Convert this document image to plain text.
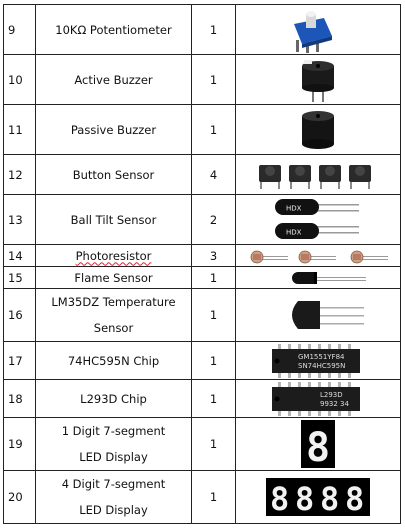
9	10KΩ Potentiometer	1	

10	Active Buzzer	1	

11	Passive Buzzer	1	

12	Button Sensor	4	

13	Ball Tilt Sensor	2	HDX
HDX

14	Photoresistor	3	

15	Flame Sensor	1	

16	LM35DZ Temperature
Sensor	1	

17	74HC595N Chip	1	GM1551YF84
SN74HC595N

18	L293D Chip	1	L293D
9932 34

19	1 Digit 7-segment
LED Display	1	8

20	4 Digit 7-segment
LED Display	1	8 8 8 8
